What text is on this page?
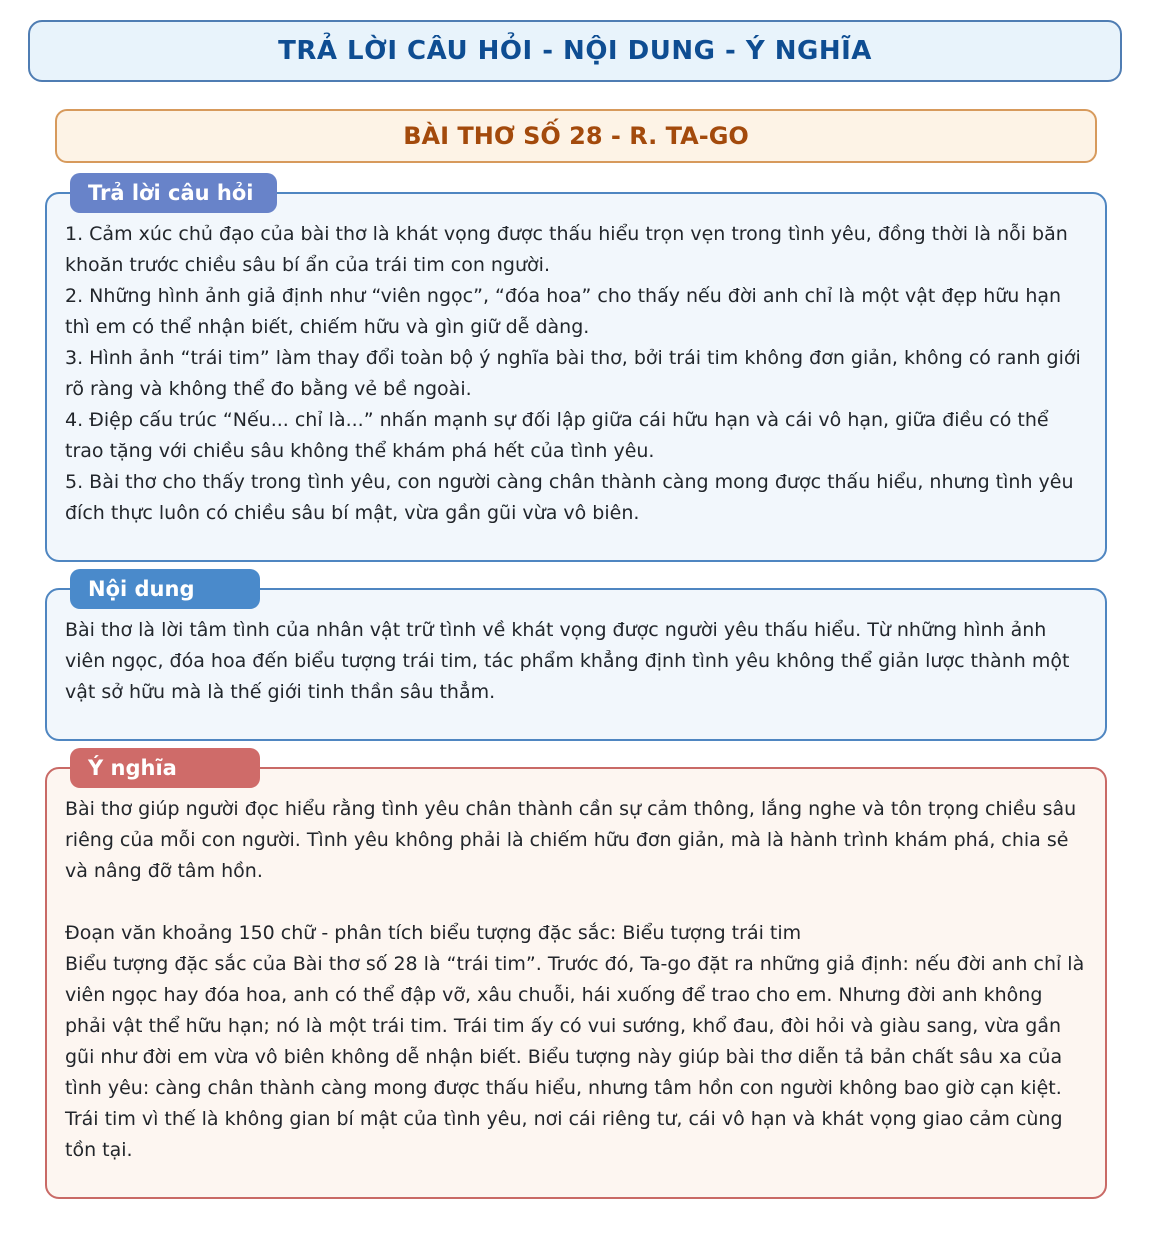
TRẢ LỜI CÂU HỎI - NỘI DUNG - Ý NGHĨA
BÀI THƠ SỐ 28 - R. TA-GO
Trả lời câu hỏi

1. Cảm xúc chủ đạo của bài thơ là khát vọng được thấu hiểu trọn vẹn trong tình yêu, đồng thời là nỗi băn khoăn trước chiều sâu bí ẩn của trái tim con người.

2. Những hình ảnh giả định như “viên ngọc”, “đóa hoa” cho thấy nếu đời anh chỉ là một vật đẹp hữu hạn thì em có thể nhận biết, chiếm hữu và gìn giữ dễ dàng.

3. Hình ảnh “trái tim” làm thay đổi toàn bộ ý nghĩa bài thơ, bởi trái tim không đơn giản, không có ranh giới rõ ràng và không thể đo bằng vẻ bề ngoài.

4. Điệp cấu trúc “Nếu... chỉ là...” nhấn mạnh sự đối lập giữa cái hữu hạn và cái vô hạn, giữa điều có thể trao tặng với chiều sâu không thể khám phá hết của tình yêu.

5. Bài thơ cho thấy trong tình yêu, con người càng chân thành càng mong được thấu hiểu, nhưng tình yêu đích thực luôn có chiều sâu bí mật, vừa gần gũi vừa vô biên.

Nội dung

Bài thơ là lời tâm tình của nhân vật trữ tình về khát vọng được người yêu thấu hiểu. Từ những hình ảnh viên ngọc, đóa hoa đến biểu tượng trái tim, tác phẩm khẳng định tình yêu không thể giản lược thành một vật sở hữu mà là thế giới tinh thần sâu thẳm.

Ý nghĩa

Bài thơ giúp người đọc hiểu rằng tình yêu chân thành cần sự cảm thông, lắng nghe và tôn trọng chiều sâu riêng của mỗi con người. Tình yêu không phải là chiếm hữu đơn giản, mà là hành trình khám phá, chia sẻ và nâng đỡ tâm hồn.

Đoạn văn khoảng 150 chữ - phân tích biểu tượng đặc sắc: Biểu tượng trái tim

Biểu tượng đặc sắc của Bài thơ số 28 là “trái tim”. Trước đó, Ta-go đặt ra những giả định: nếu đời anh chỉ là viên ngọc hay đóa hoa, anh có thể đập vỡ, xâu chuỗi, hái xuống để trao cho em. Nhưng đời anh không phải vật thể hữu hạn; nó là một trái tim. Trái tim ấy có vui sướng, khổ đau, đòi hỏi và giàu sang, vừa gần gũi như đời em vừa vô biên không dễ nhận biết. Biểu tượng này giúp bài thơ diễn tả bản chất sâu xa của tình yêu: càng chân thành càng mong được thấu hiểu, nhưng tâm hồn con người không bao giờ cạn kiệt. Trái tim vì thế là không gian bí mật của tình yêu, nơi cái riêng tư, cái vô hạn và khát vọng giao cảm cùng tồn tại.
